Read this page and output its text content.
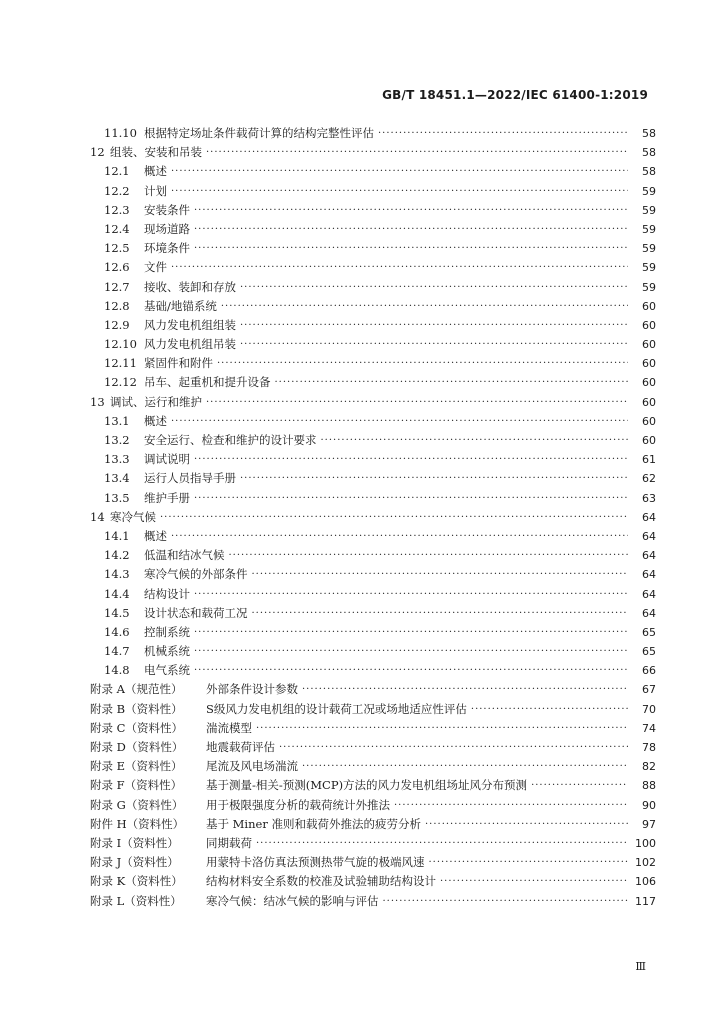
GB/T 18451.1—2022/IEC 61400-1:2019
11.10 根据特定场址条件载荷计算的结构完整性评估 ·····	58
12 组装、安装和吊装 ·····	58
12.1	概述 ·····	58
12.2	计划 ·····	59
12.3	安装条件 ·····	59
12.4	现场道路 ·····	59
12.5	环境条件 ·····	59
12.6	文件 ·····	59
12.7	接收、装卸和存放 ·····	59
12.8	基础/地锚系统 ·····	60
12.9	风力发电机组组装 ·····	60
12.10 风力发电机组吊装 ·····	60
12.11 紧固件和附件 ·····	60
12.12 吊车、起重机和提升设备 ·····	60
13 调试、运行和维护 ·····	60
13.1	概述 ·····	60
13.2	安全运行、检查和维护的设计要求 ·····	60
13.3	调试说明 ·····	61
13.4	运行人员指导手册 ·····	62
13.5	维护手册 ·····	63
14 寒冷气候 ·····	64
14.1	概述 ·····	64
14.2	低温和结冰气候 ·····	64
14.3	寒冷气候的外部条件 ·····	64
14.4	结构设计 ·····	64
14.5	设计状态和载荷工况 ·····	64
14.6	控制系统 ·····	65
14.7	机械系统 ·····	65
14.8	电气系统 ·····	66
附录 A（规范性）	外部条件设计参数 ·····	67
附录 B（资料性）	S级风力发电机组的设计载荷工况或场地适应性评估 ·····	70
附录 C（资料性）	湍流模型 ·····	74
附录 D（资料性）	地震载荷评估 ·····	78
附录 E（资料性）	尾流及风电场湍流 ·····	82
附录 F（资料性）	基于测量-相关-预测(MCP)方法的风力发电机组场址风分布预测 ·····	88
附录 G（资料性）	用于极限强度分析的载荷统计外推法 ·····	90
附件 H（资料性）	基于 Miner 准则和载荷外推法的疲劳分析 ·····	97
附录 I（资料性）	同期载荷 ·····	100
附录 J（资料性）	用蒙特卡洛仿真法预测热带气旋的极端风速 ·····	102
附录 K（资料性）	结构材料安全系数的校准及试验辅助结构设计 ·····	106
附录 L（资料性）	寒冷气候：结冰气候的影响与评估 ·····	117
Ⅲ
